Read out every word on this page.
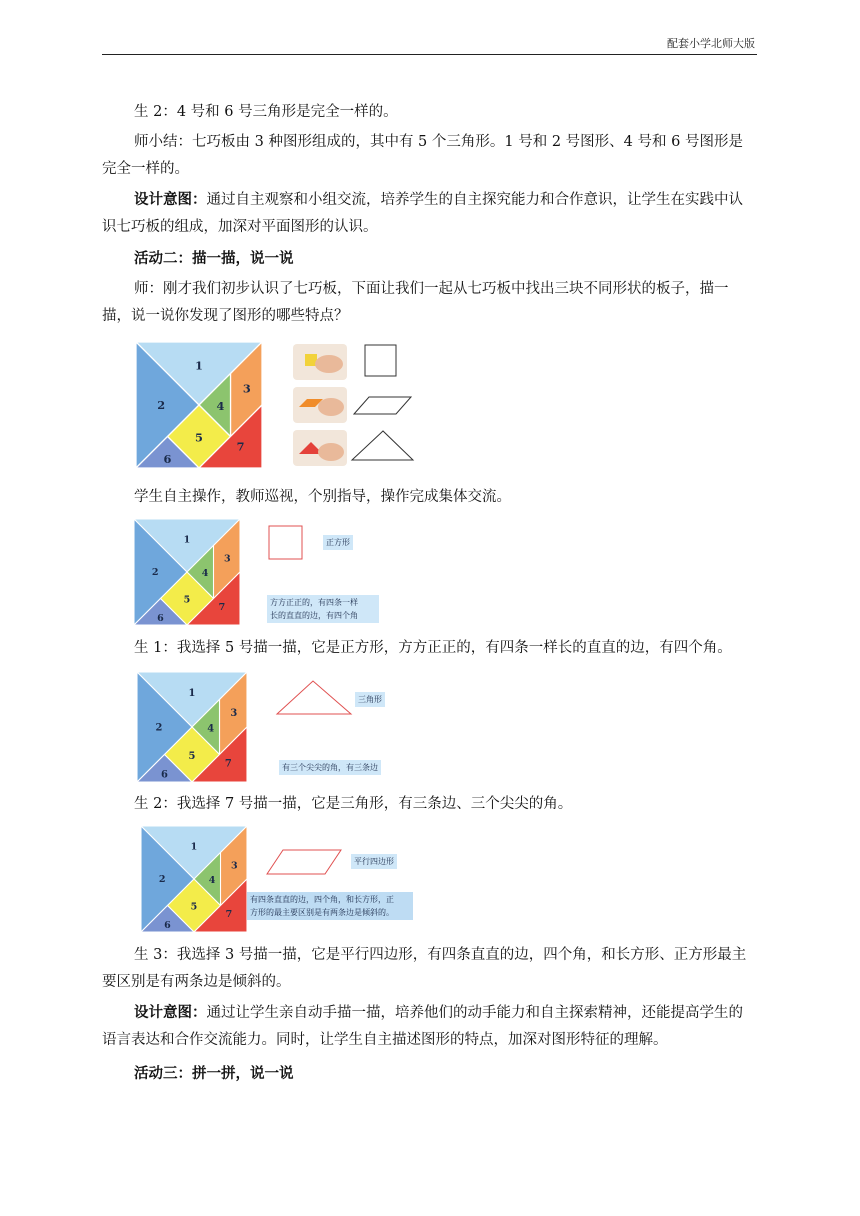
配套小学北师大版

生 2：4 号和 6 号三角形是完全一样的。

师小结：七巧板由 3 种图形组成的，其中有 5 个三角形。1 号和 2 号图形、4 号和 6 号图形是完全一样的。

设计意图：通过自主观察和小组交流，培养学生的自主探究能力和合作意识，让学生在实践中认识七巧板的组成，加深对平面图形的认识。

活动二：描一描，说一说

师：刚才我们初步认识了七巧板，下面让我们一起从七巧板中找出三块不同形状的板子，描一描，说一说你发现了图形的哪些特点？

1
2
3
4
5
6
7

学生自主操作，教师巡视，个别指导，操作完成集体交流。

1
2
3
4
5
6
7
正方形
方方正正的，有四条一样
长的直直的边，有四个角

生 1：我选择 5 号描一描，它是正方形，方方正正的，有四条一样长的直直的边，有四个角。

1
2
3
4
5
6
7
三角形
有三个尖尖的角，有三条边

生 2：我选择 7 号描一描，它是三角形，有三条边、三个尖尖的角。

1
2
3
4
5
6
7
平行四边形
有四条直直的边，四个角，和长方形，正
方形的最主要区别是有两条边是倾斜的。

生 3：我选择 3 号描一描，它是平行四边形，有四条直直的边，四个角，和长方形、正方形最主要区别是有两条边是倾斜的。

设计意图：通过让学生亲自动手描一描，培养他们的动手能力和自主探索精神，还能提高学生的语言表达和合作交流能力。同时，让学生自主描述图形的特点，加深对图形特征的理解。

活动三：拼一拼，说一说
